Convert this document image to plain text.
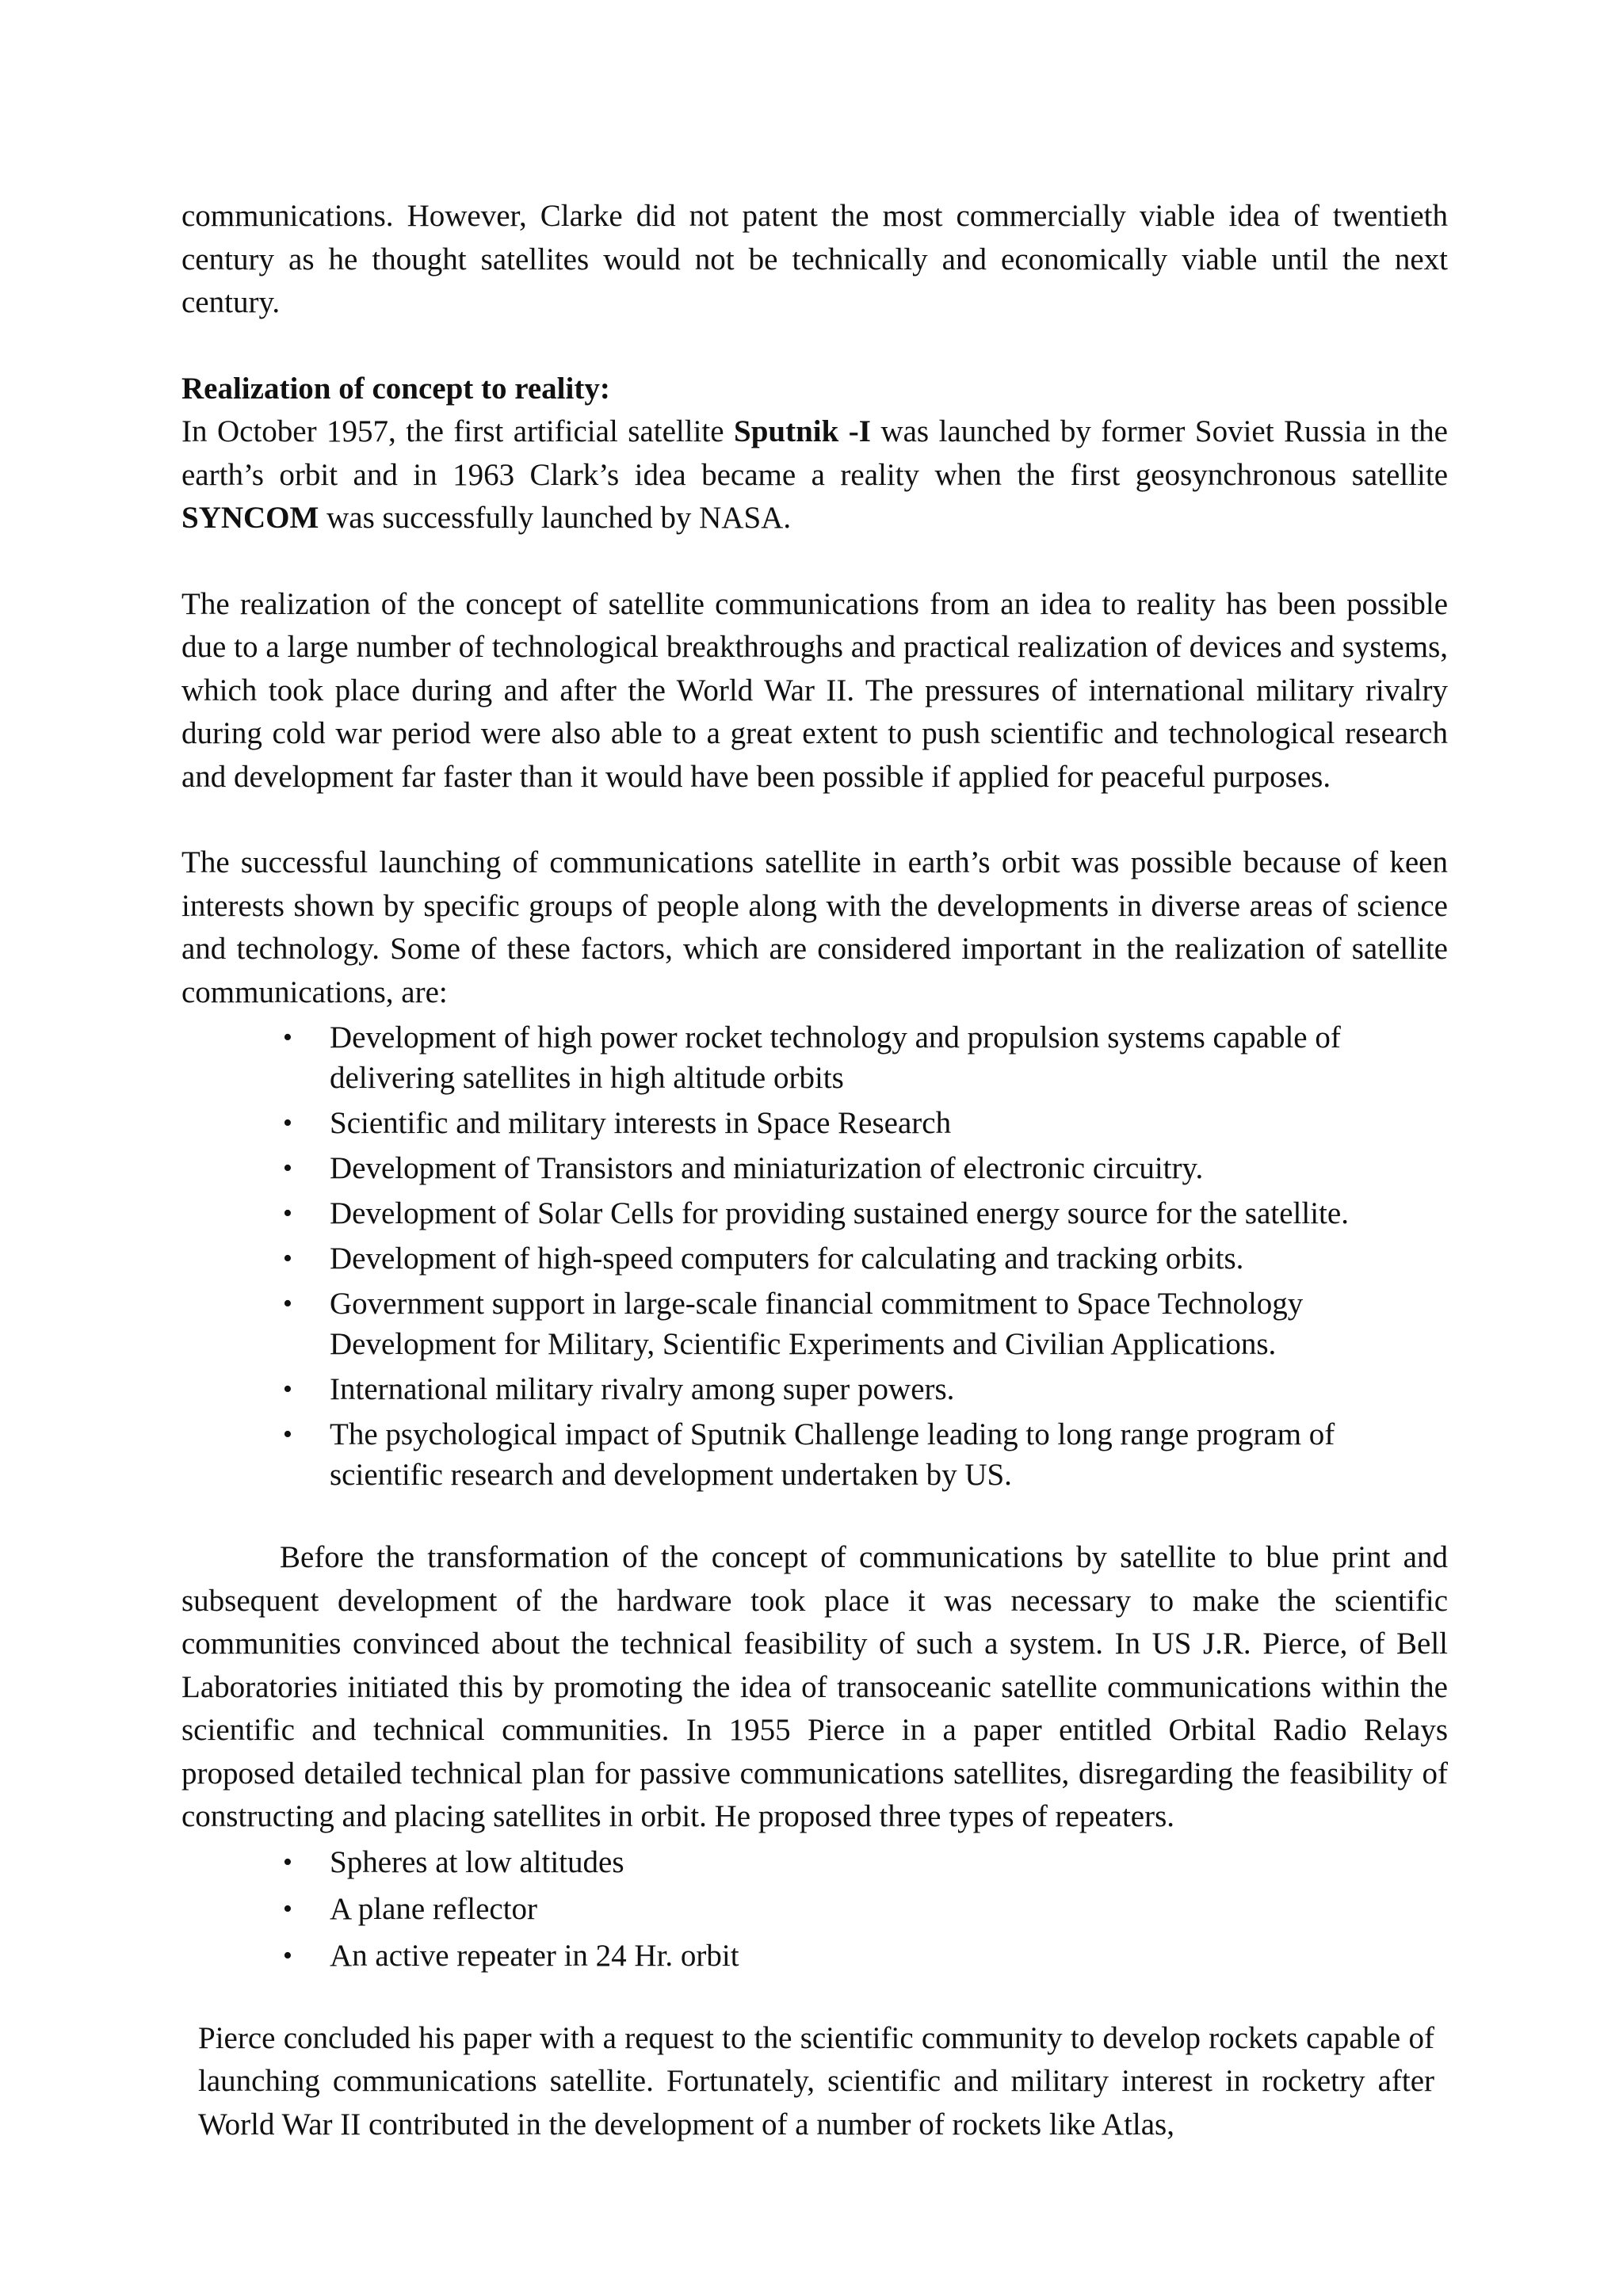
communications. However, Clarke did not patent the most commercially viable idea of twentieth century as he thought satellites would not be technically and economically viable until the next century.

Realization of concept to reality:

In October 1957, the first artificial satellite Sputnik -I was launched by former Soviet Russia in the earth’s orbit and in 1963 Clark’s idea became a reality when the first geosynchronous satellite SYNCOM was successfully launched by NASA.

The realization of the concept of satellite communications from an idea to reality has been possible due to a large number of technological breakthroughs and practical realization of devices and systems, which took place during and after the World War II. The pressures of international military rivalry during cold war period were also able to a great extent to push scientific and technological research and development far faster than it would have been possible if applied for peaceful purposes.

The successful launching of communications satellite in earth’s orbit was possible because of keen interests shown by specific groups of people along with the developments in diverse areas of science and technology. Some of these factors, which are considered important in the realization of satellite communications, are:

• Development of high power rocket technology and propulsion systems capable of delivering satellites in high altitude orbits
• Scientific and military interests in Space Research
• Development of Transistors and miniaturization of electronic circuitry.
• Development of Solar Cells for providing sustained energy source for the satellite.
• Development of high-speed computers for calculating and tracking orbits.
• Government support in large-scale financial commitment to Space Technology Development for Military, Scientific Experiments and Civilian Applications.
• International military rivalry among super powers.
• The psychological impact of Sputnik Challenge leading to long range program of scientific research and development undertaken by US.

Before the transformation of the concept of communications by satellite to blue print and subsequent development of the hardware took place it was necessary to make the scientific communities convinced about the technical feasibility of such a system. In US J.R. Pierce, of Bell Laboratories initiated this by promoting the idea of transoceanic satellite communications within the scientific and technical communities. In 1955 Pierce in a paper entitled Orbital Radio Relays proposed detailed technical plan for passive communications satellites, disregarding the feasibility of constructing and placing satellites in orbit. He proposed three types of repeaters.

• Spheres at low altitudes
• A plane reflector
• An active repeater in 24 Hr. orbit

Pierce concluded his paper with a request to the scientific community to develop rockets capable of launching communications satellite. Fortunately, scientific and military interest in rocketry after World War II contributed in the development of a number of rockets like Atlas,
